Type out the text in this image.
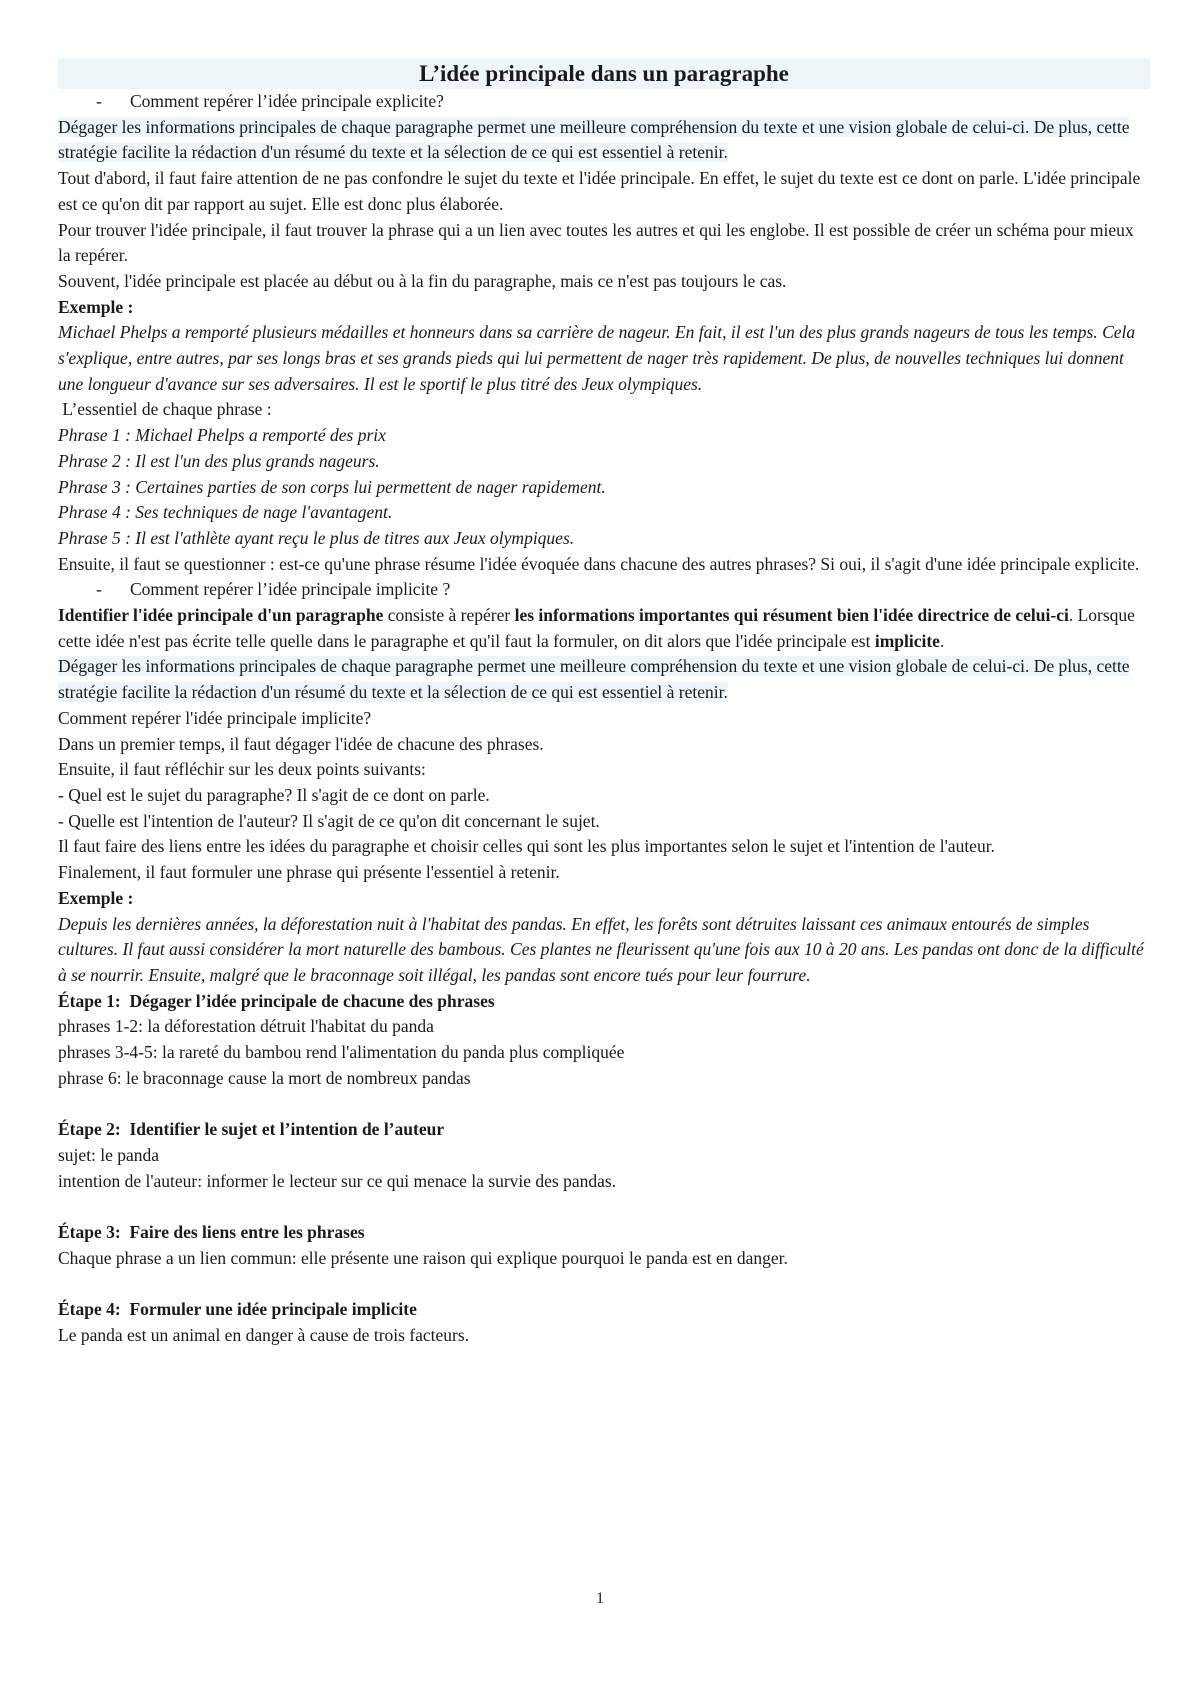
L’idée principale dans un paragraphe

- Comment repérer l’idée principale explicite?

Dégager les informations principales de chaque paragraphe permet une meilleure compréhension du texte et une vision globale de celui-ci. De plus, cette stratégie facilite la rédaction d'un résumé du texte et la sélection de ce qui est essentiel à retenir.

Tout d'abord, il faut faire attention de ne pas confondre le sujet du texte et l'idée principale. En effet, le sujet du texte est ce dont on parle. L'idée principale est ce qu'on dit par rapport au sujet. Elle est donc plus élaborée.

Pour trouver l'idée principale, il faut trouver la phrase qui a un lien avec toutes les autres et qui les englobe. Il est possible de créer un schéma pour mieux la repérer.

Souvent, l'idée principale est placée au début ou à la fin du paragraphe, mais ce n'est pas toujours le cas.

Exemple :

Michael Phelps a remporté plusieurs médailles et honneurs dans sa carrière de nageur. En fait, il est l'un des plus grands nageurs de tous les temps. Cela s'explique, entre autres, par ses longs bras et ses grands pieds qui lui permettent de nager très rapidement. De plus, de nouvelles techniques lui donnent une longueur d'avance sur ses adversaires. Il est le sportif le plus titré des Jeux olympiques.

L’essentiel de chaque phrase :

Phrase 1 : Michael Phelps a remporté des prix

Phrase 2 : Il est l'un des plus grands nageurs.

Phrase 3 : Certaines parties de son corps lui permettent de nager rapidement.

Phrase 4 : Ses techniques de nage l'avantagent.

Phrase 5 : Il est l'athlète ayant reçu le plus de titres aux Jeux olympiques.

Ensuite, il faut se questionner : est-ce qu'une phrase résume l'idée évoquée dans chacune des autres phrases? Si oui, il s'agit d'une idée principale explicite.

- Comment repérer l’idée principale implicite ?

Identifier l'idée principale d'un paragraphe consiste à repérer les informations importantes qui résument bien l'idée directrice de celui-ci. Lorsque cette idée n'est pas écrite telle quelle dans le paragraphe et qu'il faut la formuler, on dit alors que l'idée principale est implicite.

Dégager les informations principales de chaque paragraphe permet une meilleure compréhension du texte et une vision globale de celui-ci. De plus, cette stratégie facilite la rédaction d'un résumé du texte et la sélection de ce qui est essentiel à retenir.

Comment repérer l'idée principale implicite?

Dans un premier temps, il faut dégager l'idée de chacune des phrases.

Ensuite, il faut réfléchir sur les deux points suivants:

- Quel est le sujet du paragraphe? Il s'agit de ce dont on parle.

- Quelle est l'intention de l'auteur? Il s'agit de ce qu'on dit concernant le sujet.

Il faut faire des liens entre les idées du paragraphe et choisir celles qui sont les plus importantes selon le sujet et l'intention de l'auteur.

Finalement, il faut formuler une phrase qui présente l'essentiel à retenir.

Exemple :

Depuis les dernières années, la déforestation nuit à l'habitat des pandas. En effet, les forêts sont détruites laissant ces animaux entourés de simples cultures. Il faut aussi considérer la mort naturelle des bambous. Ces plantes ne fleurissent qu'une fois aux 10 à 20 ans. Les pandas ont donc de la difficulté à se nourrir. Ensuite, malgré que le braconnage soit illégal, les pandas sont encore tués pour leur fourrure.

Étape 1:  Dégager l’idée principale de chacune des phrases

phrases 1-2: la déforestation détruit l'habitat du panda

phrases 3-4-5: la rareté du bambou rend l'alimentation du panda plus compliquée

phrase 6: le braconnage cause la mort de nombreux pandas

Étape 2:  Identifier le sujet et l’intention de l’auteur

sujet: le panda

intention de l'auteur: informer le lecteur sur ce qui menace la survie des pandas.

Étape 3:  Faire des liens entre les phrases

Chaque phrase a un lien commun: elle présente une raison qui explique pourquoi le panda est en danger.

Étape 4:  Formuler une idée principale implicite

Le panda est un animal en danger à cause de trois facteurs.

1
